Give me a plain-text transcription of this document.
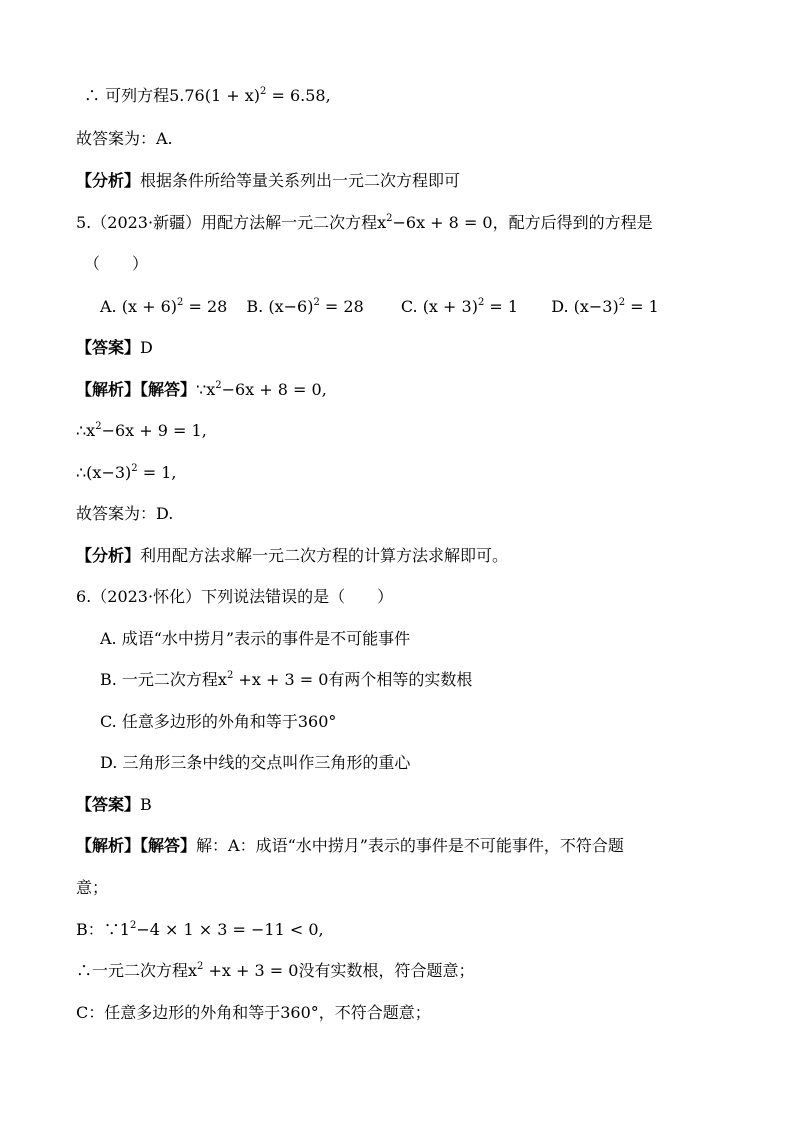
∴ 可列方程$5.76(1 + x)^2 = 6.58$,
故答案为：A.
【分析】根据条件所给等量关系列出一元二次方程即可
5.（2023·新疆）用配方法解一元二次方程$x^2-6x + 8 = 0$，配方后得到的方程是
（　　）
A. $(x + 6)^2 = 28$ B. $(x-6)^2 = 28$ C. $(x + 3)^2 = 1$ D. $(x-3)^2 = 1$
【答案】D
【解析】【解答】$\because x^2-6x + 8 = 0$,
$\therefore x^2-6x + 9 = 1$,
$\therefore(x-3)^2 = 1$,
故答案为：D.
【分析】利用配方法求解一元二次方程的计算方法求解即可。
6.（2023·怀化）下列说法错误的是（　　）
A. 成语“水中捞月”表示的事件是不可能事件
B. 一元二次方程$x^2 +x + 3 = 0$有两个相等的实数根
C. 任意多边形的外角和等于360°
D. 三角形三条中线的交点叫作三角形的重心
【答案】B
【解析】【解答】解：A：成语“水中捞月”表示的事件是不可能事件，不符合题
意；
B：$\because 1^2-4 \times 1 \times 3 = -11 < 0$,
∴一元二次方程$x^2 +x + 3 = 0$没有实数根，符合题意；
C：任意多边形的外角和等于360°，不符合题意；
